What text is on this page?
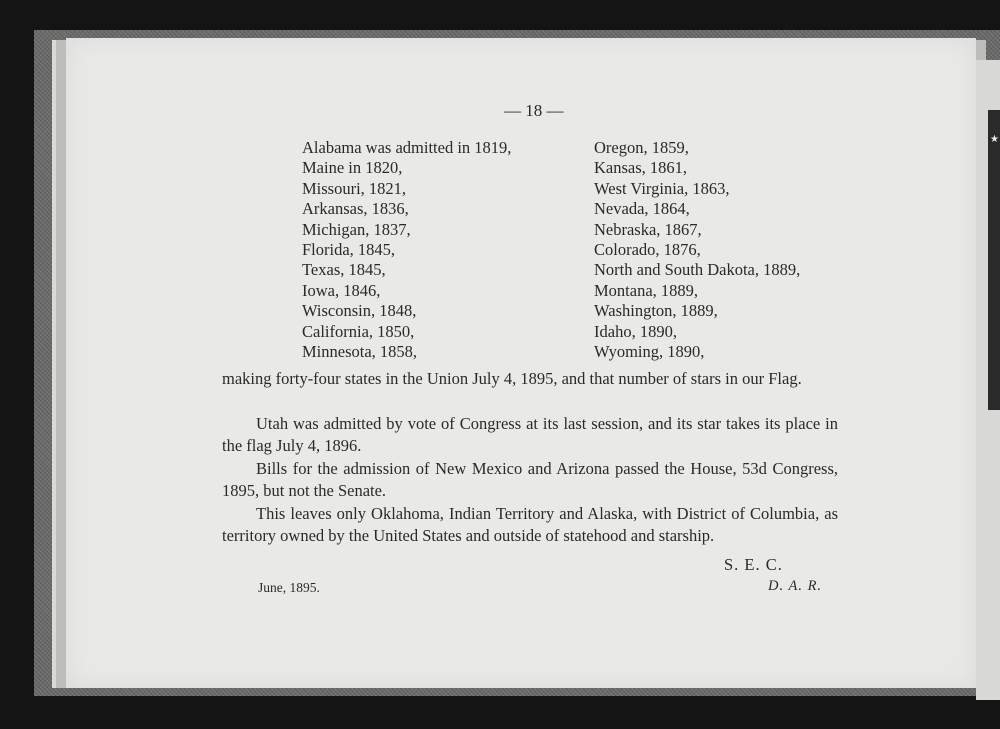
★
— 18 —
Alabama was admitted in 1819,
Maine in 1820,
Missouri, 1821,
Arkansas, 1836,
Michigan, 1837,
Florida, 1845,
Texas, 1845,
Iowa, 1846,
Wisconsin, 1848,
California, 1850,
Minnesota, 1858,
Oregon, 1859,
Kansas, 1861,
West Virginia, 1863,
Nevada, 1864,
Nebraska, 1867,
Colorado, 1876,
North and South Dakota, 1889,
Montana, 1889,
Washington, 1889,
Idaho, 1890,
Wyoming, 1890,
making forty-four states in the Union July 4, 1895, and that number of stars in our Flag.
Utah was admitted by vote of Congress at its last session, and its star takes its place in the flag July 4, 1896.
Bills for the admission of New Mexico and Arizona passed the House, 53d Congress, 1895, but not the Senate.
This leaves only Oklahoma, Indian Territory and Alaska, with District of Columbia, as territory owned by the United States and outside of statehood and starship.
S. E. C.
June, 1895.	D. A. R.
